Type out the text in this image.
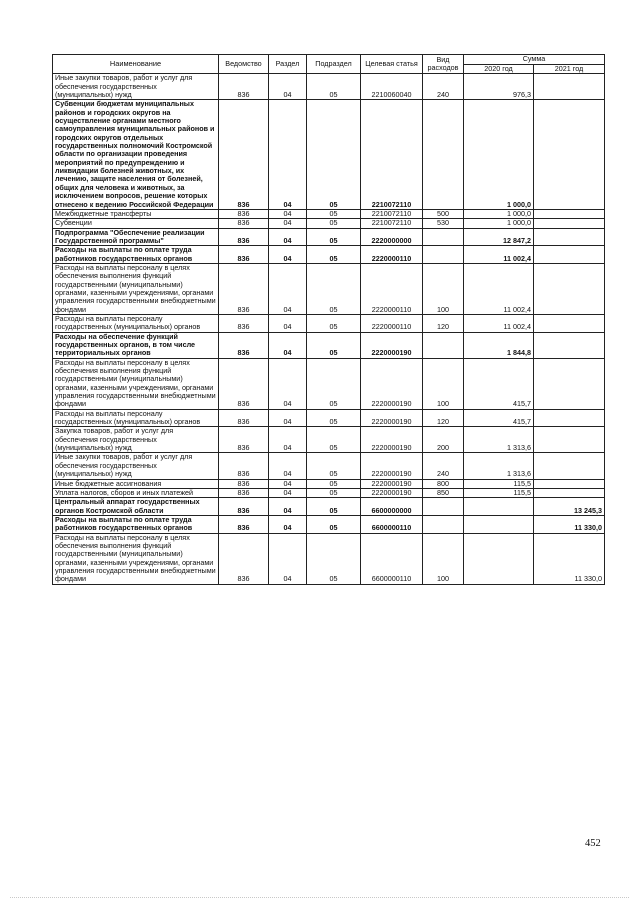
Наименование	Ведомство	Раздел	Подраздел	Целевая статья	Вид расходов	Сумма	
						2020 год	2021 год
Иные закупки товаров, работ и услуг для обеспечения государственных (муниципальных) нужд	836	04	05	2210060040	240	976,3	
Субвенции бюджетам муниципальных районов и городских округов на осуществление органами местного самоуправления муниципальных районов и городских округов отдельных государственных полномочий Костромской области по организации проведения мероприятий по предупреждению и ликвидации болезней животных, их лечению, защите населения от болезней, общих для человека и животных, за исключением вопросов, решение которых отнесено к ведению Российской Федерации	836	04	05	2210072110		1 000,0	
Межбюджетные трансферты	836	04	05	2210072110	500	1 000,0	
Субвенции	836	04	05	2210072110	530	1 000,0	
Подпрограмма "Обеспечение реализации Государственной программы"	836	04	05	2220000000		12 847,2	
Расходы на выплаты по оплате труда работников государственных органов	836	04	05	2220000110		11 002,4	
Расходы на выплаты персоналу в целях обеспечения выполнения функций государственными (муниципальными) органами, казенными учреждениями, органами управления государственными внебюджетными фондами	836	04	05	2220000110	100	11 002,4	
Расходы на выплаты персоналу государственных (муниципальных) органов	836	04	05	2220000110	120	11 002,4	
Расходы на обеспечение функций государственных органов, в том числе территориальных органов	836	04	05	2220000190		1 844,8	
Расходы на выплаты персоналу в целях обеспечения выполнения функций государственными (муниципальными) органами, казенными учреждениями, органами управления государственными внебюджетными фондами	836	04	05	2220000190	100	415,7	
Расходы на выплаты персоналу государственных (муниципальных) органов	836	04	05	2220000190	120	415,7	
Закупка товаров, работ и услуг для обеспечения государственных (муниципальных) нужд	836	04	05	2220000190	200	1 313,6	
Иные закупки товаров, работ и услуг для обеспечения государственных (муниципальных) нужд	836	04	05	2220000190	240	1 313,6	
Иные бюджетные ассигнования	836	04	05	2220000190	800	115,5	
Уплата налогов, сборов и иных платежей	836	04	05	2220000190	850	115,5	
Центральный аппарат государственных органов Костромской области	836	04	05	6600000000			13 245,3
Расходы на выплаты по оплате труда работников государственных органов	836	04	05	6600000110			11 330,0
Расходы на выплаты персоналу в целях обеспечения выполнения функций государственными (муниципальными) органами, казенными учреждениями, органами управления государственными внебюджетными фондами	836	04	05	6600000110	100		11 330,0
452
